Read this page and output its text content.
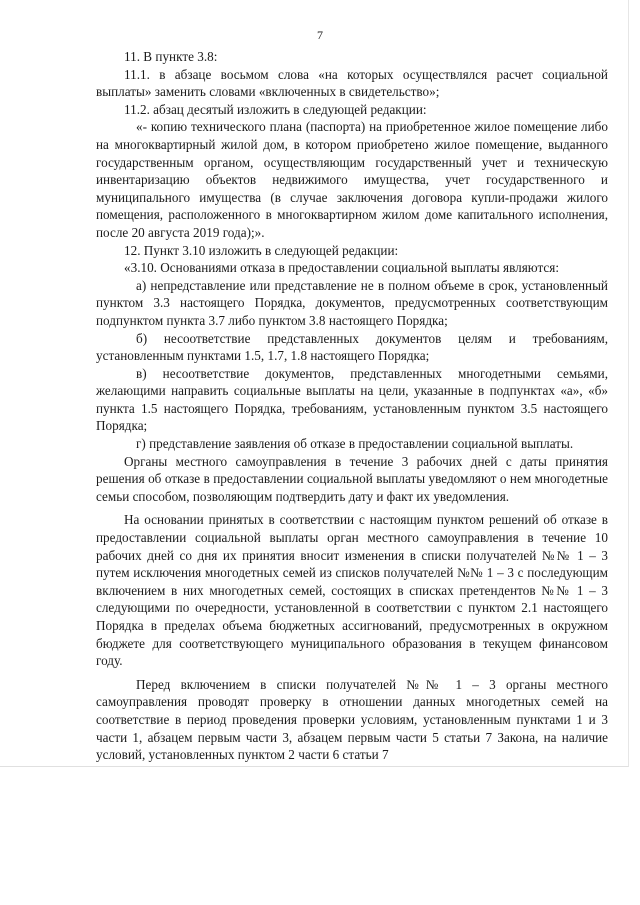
7

11. В пункте 3.8:

11.1. в абзаце восьмом слова «на которых осуществлялся расчет социальной выплаты» заменить словами «включенных в свидетельство»;

11.2. абзац десятый изложить в следующей редакции:

«- копию технического плана (паспорта) на приобретенное жилое помещение либо на многоквартирный жилой дом, в котором приобретено жилое помещение, выданного государственным органом, осуществляющим государственный учет и техническую инвентаризацию объектов недвижимого имущества, учет государственного и муниципального имущества (в случае заключения договора купли-продажи жилого помещения, расположенного в многоквартирном жилом доме капитального исполнения, после 20 августа 2019 года);».

12. Пункт 3.10 изложить в следующей редакции:

«3.10. Основаниями отказа в предоставлении социальной выплаты являются:

а) непредставление или представление не в полном объеме в срок, установленный пунктом 3.3 настоящего Порядка, документов, предусмотренных соответствующим подпунктом пункта 3.7 либо пунктом 3.8 настоящего Порядка;

б) несоответствие представленных документов целям и требованиям, установленным пунктами 1.5, 1.7, 1.8 настоящего Порядка;

в) несоответствие документов, представленных многодетными семьями, желающими направить социальные выплаты на цели, указанные в подпунктах «а», «б» пункта 1.5 настоящего Порядка, требованиям, установленным пунктом 3.5 настоящего Порядка;

г) представление заявления об отказе в предоставлении социальной выплаты.

Органы местного самоуправления в течение 3 рабочих дней с даты принятия решения об отказе в предоставлении социальной выплаты уведомляют о нем многодетные семьи способом, позволяющим подтвердить дату и факт их уведомления.

На основании принятых в соответствии с настоящим пунктом решений об отказе в предоставлении социальной выплаты орган местного самоуправления в течение 10 рабочих дней со дня их принятия вносит изменения в списки получателей №№ 1 – 3 путем исключения многодетных семей из списков получателей №№ 1 – 3 с последующим включением в них многодетных семей, состоящих в списках претендентов №№ 1 – 3 следующими по очередности, установленной в соответствии с пунктом 2.1 настоящего Порядка в пределах объема бюджетных ассигнований, предусмотренных в окружном бюджете для соответствующего муниципального образования в текущем финансовом году.

Перед включением в списки получателей №№ 1 – 3 органы местного самоуправления проводят проверку в отношении данных многодетных семей на соответствие в период проведения проверки условиям, установленным пунктами 1 и 3 части 1, абзацем первым части 3, абзацем первым части 5 статьи 7 Закона, на наличие условий, установленных пунктом 2 части 6 статьи 7
